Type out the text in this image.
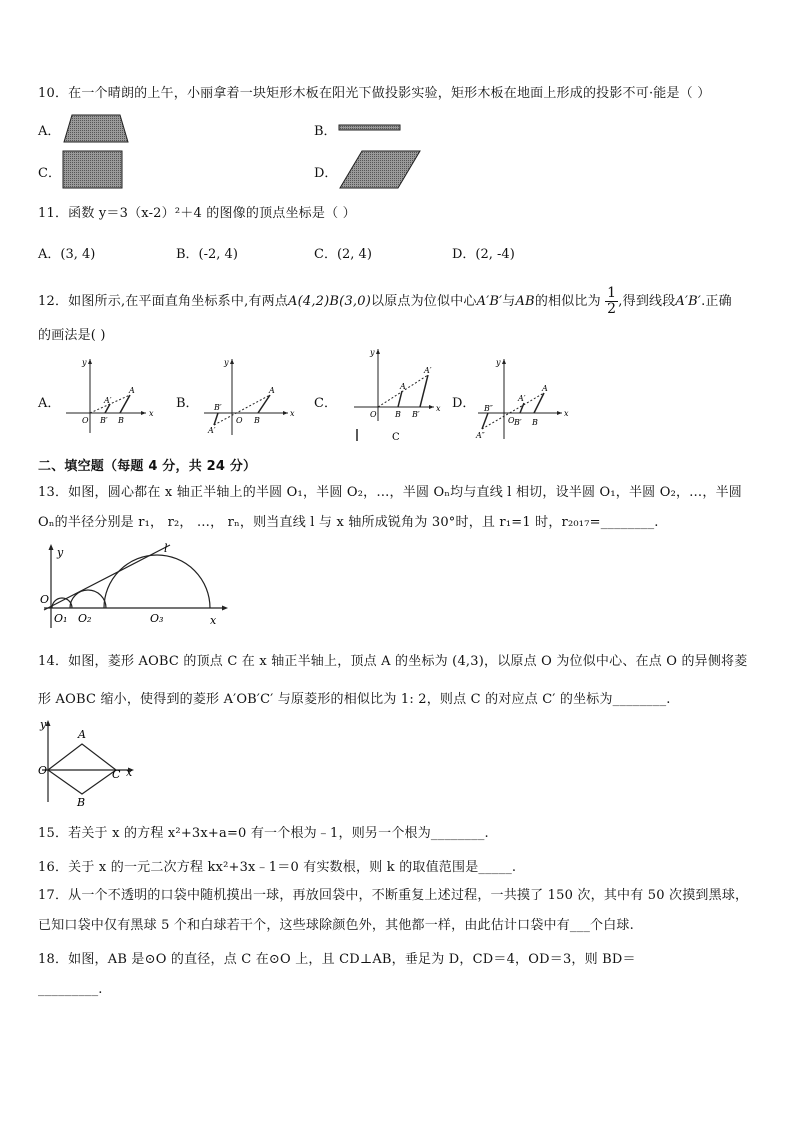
10．在一个晴朗的上午，小丽拿着一块矩形木板在阳光下做投影实验，矩形木板在地面上形成的投影不可·能是（ ）
A．	B．
C．	D．
11．函数 y＝3（x-2）²＋4 的图像的顶点坐标是（ ）
A．(3, 4)	B．(-2, 4)	C．(2, 4)	D．(2, -4)
12．如图所示,在平面直角坐标系中,有两点A(4,2)B(3,0)以原点为位似中心A′B′与AB的相似比为 $\frac{1}{2}$ ,得到线段A′B′.正确
的画法是( )
A．
y
x
O
A
A′
B′ B
B．
y
x
O
A
B′
A′
B
C．
y
x
O
A
A′
B B′
C
D．
y
x
O
A
A′
B′ B
B″
A″
二、填空题（每题 4 分，共 24 分）
13．如图，圆心都在 x 轴正半轴上的半圆 O₁，半圆 O₂，…，半圆 Oₙ均与直线 l 相切，设半圆 O₁，半圆 O₂，…，半圆
Oₙ的半径分别是 r₁， r₂， …， rₙ，则当直线 l 与 x 轴所成锐角为 30°时，且 r₁=1 时，r₂₀₁₇=________.
y
O
l
O₁ O₂	O₃	x
14．如图，菱形 AOBC 的顶点 C 在 x 轴正半轴上，顶点 A 的坐标为 (4,3)，以原点 O 为位似中心、在点 O 的异侧将菱
形 AOBC 缩小，使得到的菱形 A′OB′C′ 与原菱形的相似比为 1: 2，则点 C 的对应点 C′ 的坐标为________.
y
O
A
C x
B
15．若关于 x 的方程 x²+3x+a=0 有一个根为﹣1，则另一个根为________.
16．关于 x 的一元二次方程 kx²+3x﹣1＝0 有实数根，则 k 的取值范围是_____.
17．从一个不透明的口袋中随机摸出一球，再放回袋中，不断重复上述过程，一共摸了 150 次，其中有 50 次摸到黑球，
已知口袋中仅有黑球 5 个和白球若干个，这些球除颜色外，其他都一样，由此估计口袋中有___个白球.
18．如图，AB 是⊙O 的直径，点 C 在⊙O 上，且 CD⊥AB，垂足为 D，CD＝4，OD＝3，则 BD＝
_________.
